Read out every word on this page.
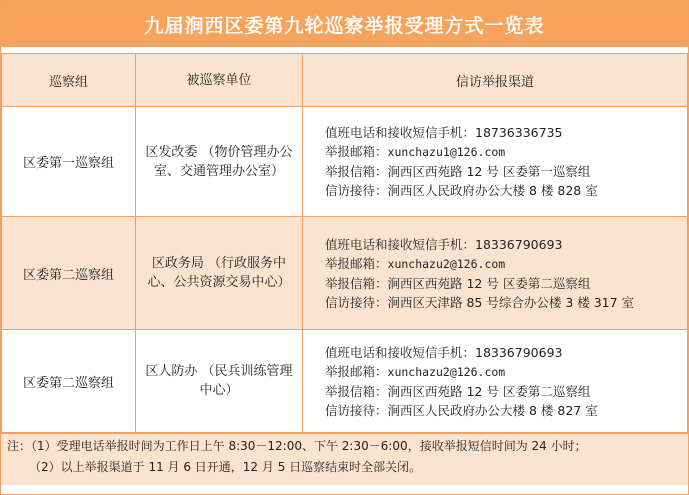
九届涧西区委第九轮巡察举报受理方式一览表
巡察组	被巡察单位	信访举报渠道
区委第一巡察组	区发改委 （物价管理办公室、交通管理办公室）	值班电话和接收短信手机：18736336735
举报邮箱：xunchazu1@126.com
举报信箱：涧西区西苑路 12 号 区委第一巡察组
信访接待：涧西区人民政府办公大楼 8 楼 828 室

区委第二巡察组	区政务局 （行政服务中心、公共资源交易中心）	值班电话和接收短信手机：18336790693
举报邮箱：xunchazu2@126.com
举报信箱：涧西区西苑路 12 号 区委第二巡察组
信访接待：涧西区天津路 85 号综合办公楼 3 楼 317 室

区委第二巡察组	区人防办 （民兵训练管理中心）	值班电话和接收短信手机：18336790693
举报邮箱：xunchazu2@126.com
举报信箱：涧西区西苑路 12 号 区委第二巡察组
信访接待：涧西区人民政府办公大楼 8 楼 827 室
注：（1）受理电话举报时间为工作日上午 8:30－12:00、下午 2:30－6:00，接收举报短信时间为 24 小时；
（2）以上举报渠道于 11 月 6 日开通，12 月 5 日巡察结束时全部关闭。
